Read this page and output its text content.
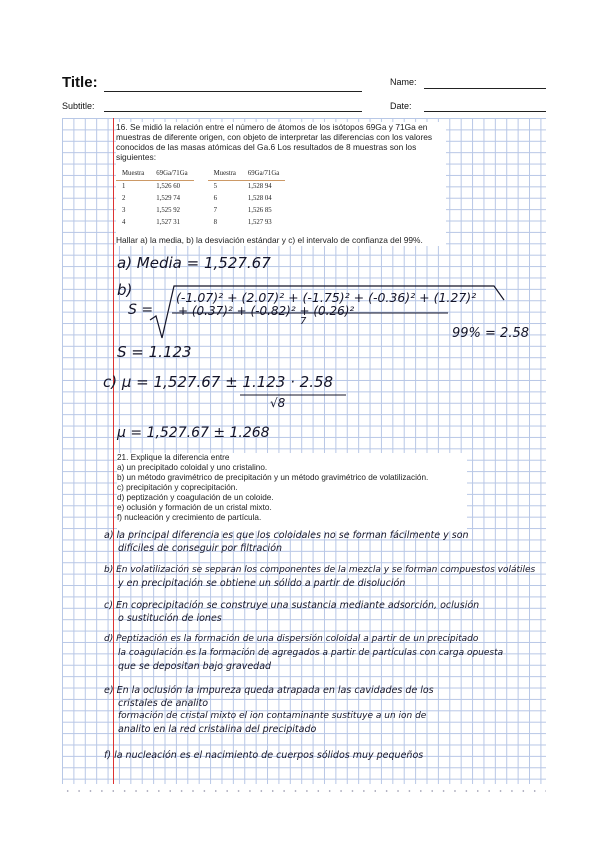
Title:	Name:
Subtitle:	Date:

16. Se midió la relación entre el número de átomos de los isótopos 69Ga y 71Ga en muestras de diferente origen, con objeto de interpretar las diferencias con los valores conocidos de las masas atómicas del Ga.6 Los resultados de 8 muestras son los siguientes:

Muestra	69Ga/71Ga
1	1,526 60
2	1,529 74
3	1,525 92
4	1,527 31
Muestra	69Ga/71Ga
5	1,528 94
6	1,528 04
7	1,526 85
8	1,527 93

Hallar a) la media, b) la desviación estándar y c) el intervalo de confianza del 99%.

a) Media = 1,527.67
b)
S =
(-1.07)² + (2.07)² + (-1.75)² + (-0.36)² + (1.27)²
+ (0.37)² + (-0.82)² + (0.26)²
7
99% = 2.58
S = 1.123
c) μ = 1,527.67 ± 1.123 · 2.58
√8
μ = 1,527.67 ± 1.268
21. Explique la diferencia entre
a) un precipitado coloidal y uno cristalino.
b) un método gravimétrico de precipitación y un método gravimétrico de volatilización.
c) precipitación y coprecipitación.
d) peptización y coagulación de un coloide.
e) oclusión y formación de un cristal mixto.
f) nucleación y crecimiento de partícula.
a) la principal diferencia es que los coloidales no se forman fácilmente y son
difíciles de conseguir por filtración
b) En volatilización se separan los componentes de la mezcla y se forman compuestos volátiles
y en precipitación se obtiene un sólido a partir de disolución
c) En coprecipitación se construye una sustancia mediante adsorción, oclusión
o sustitución de iones
d) Peptización es la formación de una dispersión coloidal a partir de un precipitado
la coagulación es la formación de agregados a partir de partículas con carga opuesta
que se depositan bajo gravedad
e) En la oclusión la impureza queda atrapada en las cavidades de los
cristales de analito
formación de cristal mixto el ion contaminante sustituye a un ion de
analito en la red cristalina del precipitado
f) la nucleación es el nacimiento de cuerpos sólidos muy pequeños
